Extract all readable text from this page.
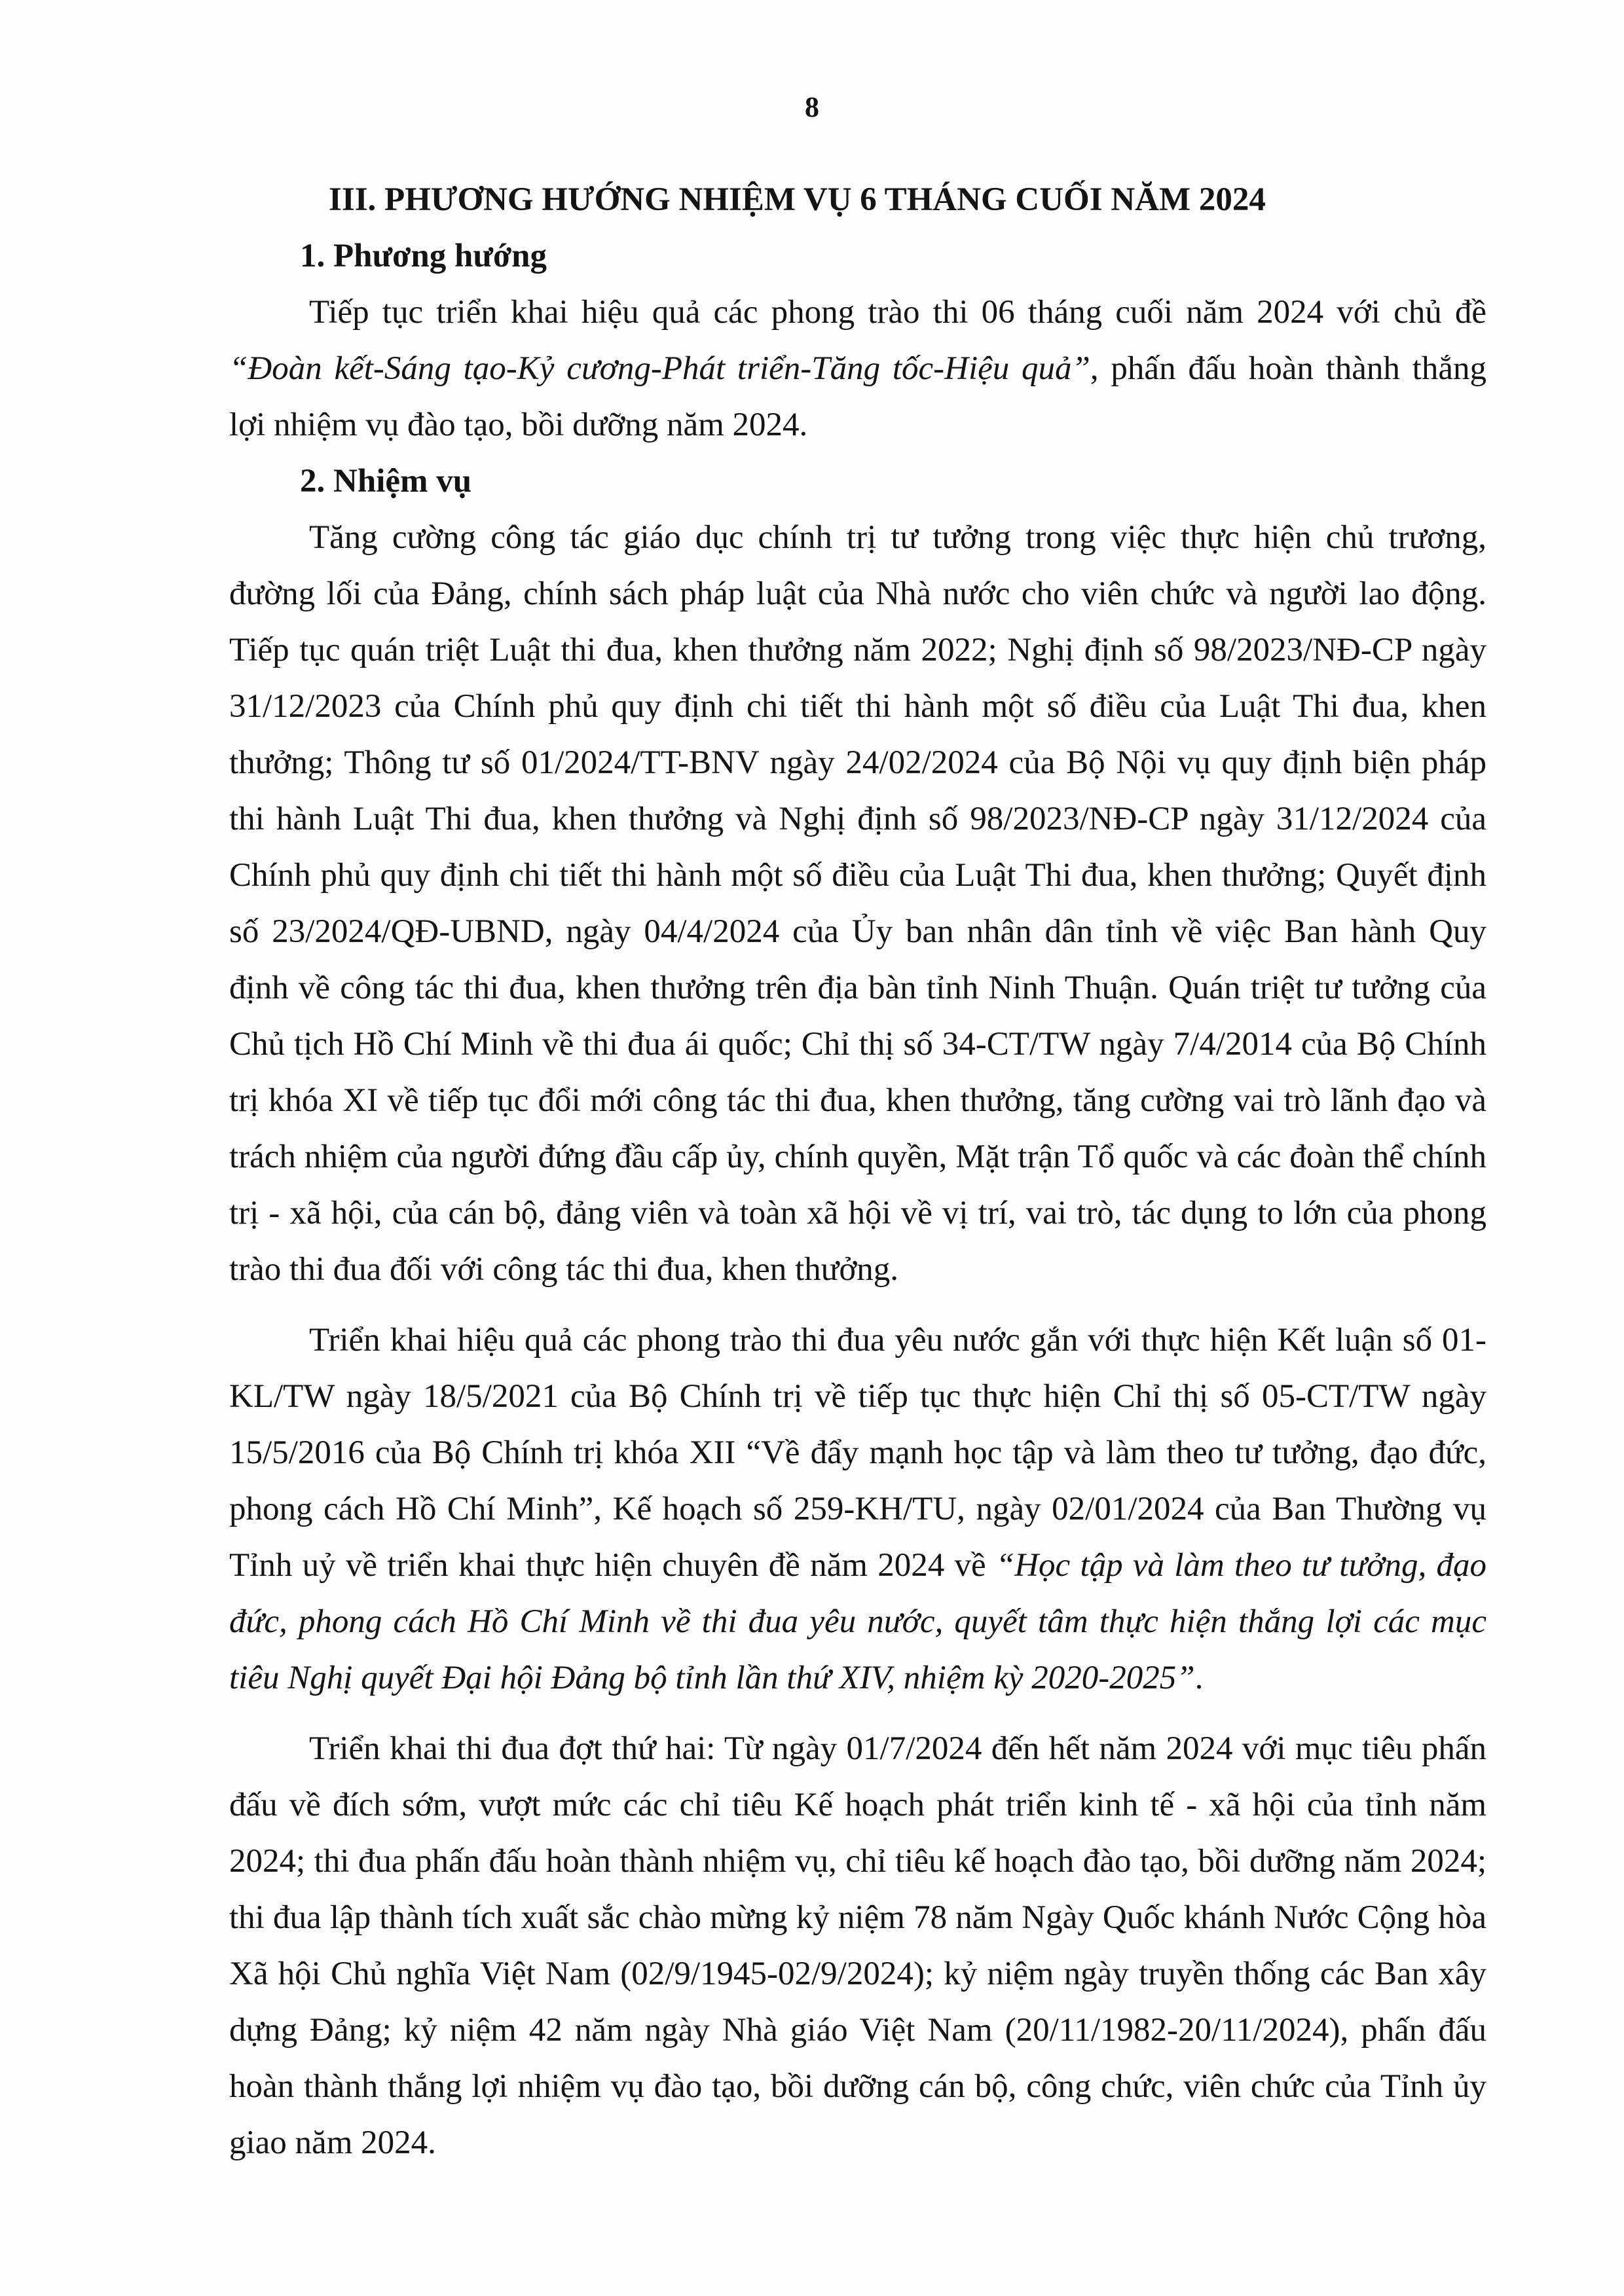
8
III. PHƯƠNG HƯỚNG NHIỆM VỤ 6 THÁNG CUỐI NĂM 2024
1. Phương hướng

Tiếp tục triển khai hiệu quả các phong trào thi 06 tháng cuối năm 2024 với chủ đề “Đoàn kết-Sáng tạo-Kỷ cương-Phát triển-Tăng tốc-Hiệu quả”, phấn đấu hoàn thành thắng lợi nhiệm vụ đào tạo, bồi dưỡng năm 2024.

2. Nhiệm vụ

Tăng cường công tác giáo dục chính trị tư tưởng trong việc thực hiện chủ trương, đường lối của Đảng, chính sách pháp luật của Nhà nước cho viên chức và người lao động. Tiếp tục quán triệt Luật thi đua, khen thưởng năm 2022; Nghị định số 98/2023/NĐ-CP ngày 31/12/2023 của Chính phủ quy định chi tiết thi hành một số điều của Luật Thi đua, khen thưởng; Thông tư số 01/2024/TT-BNV ngày 24/02/2024 của Bộ Nội vụ quy định biện pháp thi hành Luật Thi đua, khen thưởng và Nghị định số 98/2023/NĐ-CP ngày 31/12/2024 của Chính phủ quy định chi tiết thi hành một số điều của Luật Thi đua, khen thưởng; Quyết định số 23/2024/QĐ-UBND, ngày 04/4/2024 của Ủy ban nhân dân tỉnh về việc Ban hành Quy định về công tác thi đua, khen thưởng trên địa bàn tỉnh Ninh Thuận. Quán triệt tư tưởng của Chủ tịch Hồ Chí Minh về thi đua ái quốc; Chỉ thị số 34-CT/TW ngày 7/4/2014 của Bộ Chính trị khóa XI về tiếp tục đổi mới công tác thi đua, khen thưởng, tăng cường vai trò lãnh đạo và trách nhiệm của người đứng đầu cấp ủy, chính quyền, Mặt trận Tổ quốc và các đoàn thể chính trị - xã hội, của cán bộ, đảng viên và toàn xã hội về vị trí, vai trò, tác dụng to lớn của phong trào thi đua đối với công tác thi đua, khen thưởng.

Triển khai hiệu quả các phong trào thi đua yêu nước gắn với thực hiện Kết luận số 01-KL/TW ngày 18/5/2021 của Bộ Chính trị về tiếp tục thực hiện Chỉ thị số 05-CT/TW ngày 15/5/2016 của Bộ Chính trị khóa XII “Về đẩy mạnh học tập và làm theo tư tưởng, đạo đức, phong cách Hồ Chí Minh”, Kế hoạch số 259-KH/TU, ngày 02/01/2024 của Ban Thường vụ Tỉnh uỷ về triển khai thực hiện chuyên đề năm 2024 về “Học tập và làm theo tư tưởng, đạo đức, phong cách Hồ Chí Minh về thi đua yêu nước, quyết tâm thực hiện thắng lợi các mục tiêu Nghị quyết Đại hội Đảng bộ tỉnh lần thứ XIV, nhiệm kỳ 2020-2025”.

Triển khai thi đua đợt thứ hai: Từ ngày 01/7/2024 đến hết năm 2024 với mục tiêu phấn đấu về đích sớm, vượt mức các chỉ tiêu Kế hoạch phát triển kinh tế - xã hội của tỉnh năm 2024; thi đua phấn đấu hoàn thành nhiệm vụ, chỉ tiêu kế hoạch đào tạo, bồi dưỡng năm 2024; thi đua lập thành tích xuất sắc chào mừng kỷ niệm 78 năm Ngày Quốc khánh Nước Cộng hòa Xã hội Chủ nghĩa Việt Nam (02/9/1945-02/9/2024); kỷ niệm ngày truyền thống các Ban xây dựng Đảng; kỷ niệm 42 năm ngày Nhà giáo Việt Nam (20/11/1982-20/11/2024), phấn đấu hoàn thành thắng lợi nhiệm vụ đào tạo, bồi dưỡng cán bộ, công chức, viên chức của Tỉnh ủy giao năm 2024.
